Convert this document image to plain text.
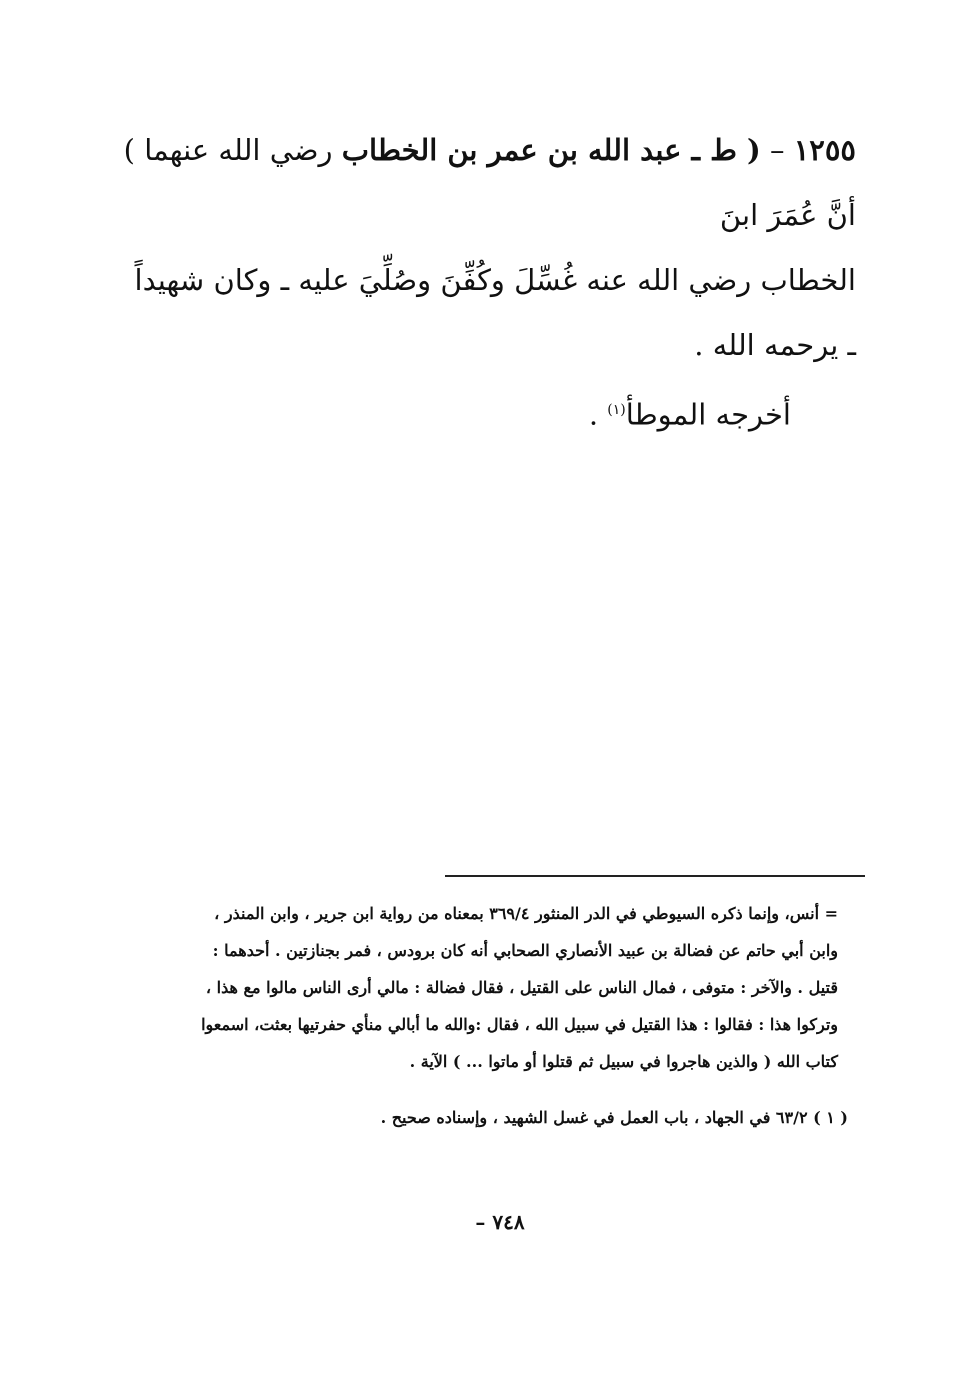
١٢٥٥ – ( ط ـ عبد الله بن عمر بن الخطاب رضي الله عنهما ) أنَّ عُمَرَ ابنَ

الخطاب رضي الله عنه غُسِّلَ وكُفِّنَ وصُلِّيَ عليه ـ وكان شهيداً ـ يرحمه الله .

أخرجه الموطأ$^{(١)}$ .

= أنس، وإنما ذكره السيوطي في الدر المنثور ٣٦٩/٤ بمعناه من رواية ابن جرير ، وابن المنذر ،

وابن أبي حاتم عن فضالة بن عبيد الأنصاري الصحابي أنه كان برودس ، فمر بجنازتين . أحدهما :

قتيل . والآخر : متوفى ، فمال الناس على القتيل ، فقال فضالة : مالي أرى الناس مالوا مع هذا ،

وتركوا هذا : فقالوا : هذا القتيل في سبيل الله ، فقال :والله ما أبالي منأي حفرتيها بعثت، اسمعوا

كتاب الله ( والذين هاجروا في سبيل ثم قتلوا أو ماتوا ... ) الآية .

( ١ ) ٦٣/٢ في الجهاد ، باب العمل في غسل الشهيد ، وإسناده صحيح .

٧٤٨ –
